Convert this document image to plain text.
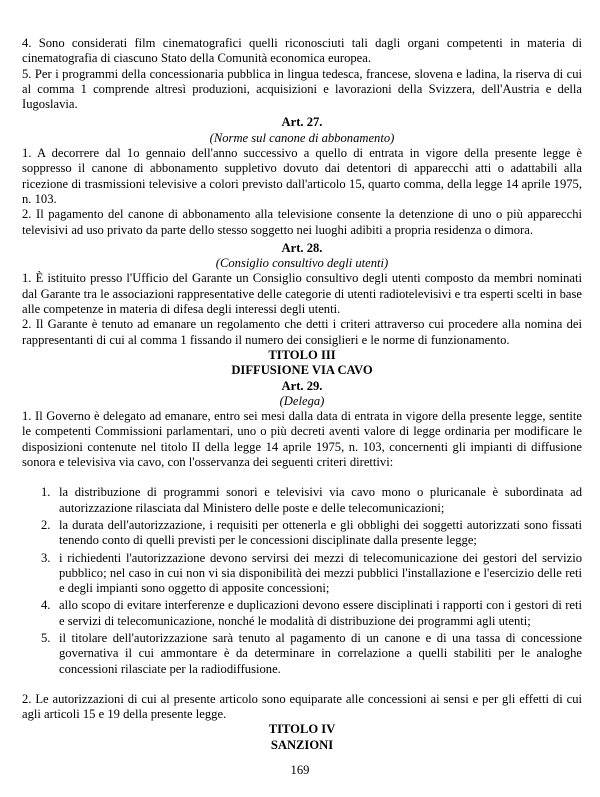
4. Sono considerati film cinematografici quelli riconosciuti tali dagli organi competenti in materia di cinematografia di ciascuno Stato della Comunità economica europea.

5. Per i programmi della concessionaria pubblica in lingua tedesca, francese, slovena e ladina, la riserva di cui al comma 1 comprende altresì produzioni, acquisizioni e lavorazioni della Svizzera, dell'Austria e della Iugoslavia.

Art. 27.
(Norme sul canone di abbonamento)

1. A decorrere dal 1o gennaio dell'anno successivo a quello di entrata in vigore della presente legge è soppresso il canone di abbonamento suppletivo dovuto dai detentori di apparecchi atti o adattabili alla ricezione di trasmissioni televisive a colori previsto dall'articolo 15, quarto comma, della legge 14 aprile 1975, n. 103.

2. Il pagamento del canone di abbonamento alla televisione consente la detenzione di uno o più apparecchi televisivi ad uso privato da parte dello stesso soggetto nei luoghi adibiti a propria residenza o dimora.

Art. 28.
(Consiglio consultivo degli utenti)

1. È istituito presso l'Ufficio del Garante un Consiglio consultivo degli utenti composto da membri nominati dal Garante tra le associazioni rappresentative delle categorie di utenti radiotelevisivi e tra esperti scelti in base alle competenze in materia di difesa degli interessi degli utenti.

2. Il Garante è tenuto ad emanare un regolamento che detti i criteri attraverso cui procedere alla nomina dei rappresentanti di cui al comma 1 fissando il numero dei consiglieri e le norme di funzionamento.

TITOLO III
DIFFUSIONE VIA CAVO
Art. 29.
(Delega)

1. Il Governo è delegato ad emanare, entro sei mesi dalla data di entrata in vigore della presente legge, sentite le competenti Commissioni parlamentari, uno o più decreti aventi valore di legge ordinaria per modificare le disposizioni contenute nel titolo II della legge 14 aprile 1975, n. 103, concernenti gli impianti di diffusione sonora e televisiva via cavo, con l'osservanza dei seguenti criteri direttivi:

1. la distribuzione di programmi sonori e televisivi via cavo mono o pluricanale è subordinata ad autorizzazione rilasciata dal Ministero delle poste e delle telecomunicazioni;
2. la durata dell'autorizzazione, i requisiti per ottenerla e gli obblighi dei soggetti autorizzati sono fissati tenendo conto di quelli previsti per le concessioni disciplinate dalla presente legge;
3. i richiedenti l'autorizzazione devono servirsi dei mezzi di telecomunicazione dei gestori del servizio pubblico; nel caso in cui non vi sia disponibilità dei mezzi pubblici l'installazione e l'esercizio delle reti e degli impianti sono oggetto di apposite concessioni;
4. allo scopo di evitare interferenze e duplicazioni devono essere disciplinati i rapporti con i gestori di reti e servizi di telecomunicazione, nonché le modalità di distribuzione dei programmi agli utenti;
5. il titolare dell'autorizzazione sarà tenuto al pagamento di un canone e di una tassa di concessione governativa il cui ammontare è da determinare in correlazione a quelli stabiliti per le analoghe concessioni rilasciate per la radiodiffusione.

2. Le autorizzazioni di cui al presente articolo sono equiparate alle concessioni ai sensi e per gli effetti di cui agli articoli 15 e 19 della presente legge.

TITOLO IV
SANZIONI
169
